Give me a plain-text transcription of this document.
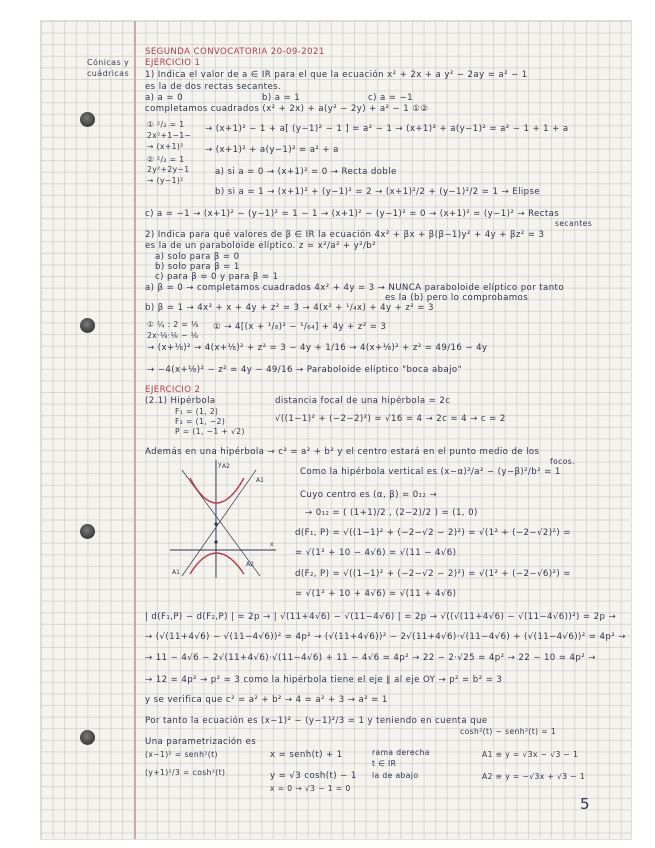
Cónicas y
cuádricas
SEGUNDA CONVOCATORIA 20-09-2021
EJERCICIO 1
1) Indica el valor de a ∈ IR para el que la ecuación x² + 2x + a y² − 2ay = a² − 1
es la de dos rectas secantes.
a) a = 0	b) a = 1	c) a = −1
completamos cuadrados (x² + 2x) + a(y² − 2y) + a² − 1 ①②
① ²/₂ = 1 → (x+1)² − 1 + a[ (y−1)² − 1 ] = a² − 1 → (x+1)² + a(y−1)² = a² − 1 + 1 + a
2x²+1−1−
→ (x+1)² + a(y−1)² = a² + a
→ (x+1)²
② ²/₂ = 1
2y²+2y−1	a) si a = 0 → (x+1)² = 0 → Recta doble
→ (y−1)²
b) si a = 1 → (x+1)² + (y−1)² = 2 → (x+1)²/2 + (y−1)²/2 = 1 → Elipse
c) a = −1 → (x+1)² − (y−1)² = 1 − 1 → (x+1)² − (y−1)² = 0 → (x+1)² = (y−1)² → Rectas
secantes
2) Indica para qué valores de β ∈ IR la ecuación 4x² + βx + β(β−1)y² + 4y + βz² = 3
es la de un paraboloide elíptico. z = x²/a² + y²/b²
a) solo para β = 0
b) solo para β = 1
c) para β = 0 y para β = 1
a) β = 0 → completamos cuadrados 4x² + 4y = 3 → NUNCA paraboloide elíptico por tanto
es la (b) pero lo comprobamos
b) β = 1 → 4x² + x + 4y + z² = 3 → 4(x² + ¹/₄x) + 4y + z² = 3
① ¼ : 2 = ⅛ ① → 4[(x + ¹/₈)² − ¹/₆₄] + 4y + z² = 3
2x·⅛·⅛ − ⅛
→ (x+⅛)² → 4(x+⅛)² + z² = 3 − 4y + 1/16 → 4(x+⅛)² + z² = 49/16 − 4y
→ −4(x+⅛)² − z² = 4y − 49/16 → Paraboloide elíptico "boca abajo"
EJERCICIO 2
(2.1) Hipérbola	distancia focal de una hipérbola = 2c
F₁ = (1, 2)
F₂ = (1, −2)	√((1−1)² + (−2−2)²) = √16 = 4 → 2c = 4 → c = 2
P = (1, −1 + √2)
Además en una hipérbola → c² = a² + b² y el centro estará en el punto medio de los
focos.
Como la hipérbola vertical es (x−α)²/a² − (y−β)²/b² = 1
Cuyo centro es (α, β) = 0₁₂ →
→ 0₁₂ = ( (1+1)/2 , (2−2)/2 ) = (1, 0)
d(F₁, P) = √((1−1)² + (−2−√2 − 2)²) = √(1² + (−2−√2)²) =
= √(1² + 10 − 4√6) = √(11 − 4√6)
d(F₂, P) = √((1−1)² + (−2−√2 − 2)²) = √(1² + (−2−√6)²) =
= √(1² + 10 + 4√6) = √(11 + 4√6)
A2
A1
A1
A2
y
x
| d(F₁,P) − d(F₂,P) | = 2p → | √(11+4√6) − √(11−4√6) | = 2p → √((√(11+4√6) − √(11−4√6))²) = 2p →
→ (√(11+4√6) − √(11−4√6))² = 4p² → (√(11+4√6))² − 2√(11+4√6)·√(11−4√6) + (√(11−4√6))² = 4p² →
→ 11 − 4√6 − 2√(11+4√6)·√(11−4√6) + 11 − 4√6 = 4p² → 22 − 2·√25 = 4p² → 22 − 10 = 4p² →
→ 12 = 4p² → p² = 3 como la hipérbola tiene el eje ∥ al eje OY → p² = b² = 3
y se verifica que c² = a² + b² → 4 = a² + 3 → a² = 1
Por tanto la ecuación es (x−1)² − (y−1)²/3 = 1 y teniendo en cuenta que
cosh²(t) − senh²(t) = 1
Una parametrización es
(x−1)² = senh²(t)	x = senh(t) + 1	rama derecha	A1 ≡ y = √3x − √3 − 1
t ∈ IR
(y+1)²/3 = cosh²(t)	y = √3 cosh(t) − 1 la de abajo	A2 ≡ y = −√3x + √3 − 1
x = 0 → √3 − 1 = 0
5
